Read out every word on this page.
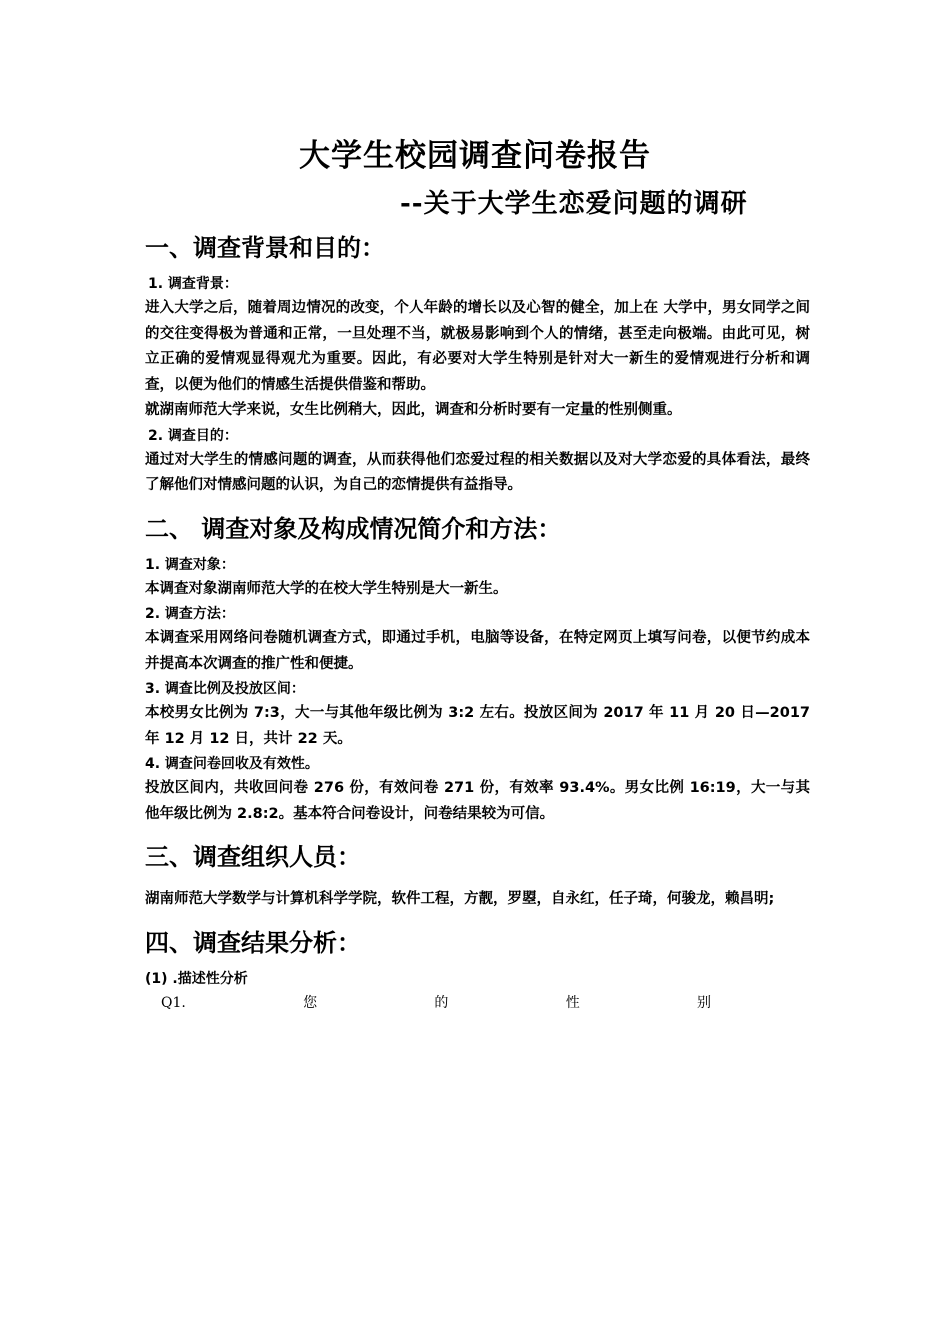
大学生校园调查问卷报告
--关于大学生恋爱问题的调研
一、调查背景和目的：
1. 调查背景：

进入大学之后，随着周边情况的改变，个人年龄的增长以及心智的健全，加上在 大学中，男女同学之间的交往变得极为普通和正常，一旦处理不当，就极易影响到个人的情绪，甚至走向极端。由此可见，树立正确的爱情观显得观尤为重要。因此，有必要对大学生特别是针对大一新生的爱情观进行分析和调查，以便为他们的情感生活提供借鉴和帮助。

就湖南师范大学来说，女生比例稍大，因此，调查和分析时要有一定量的性别侧重。

2. 调查目的：

通过对大学生的情感问题的调查，从而获得他们恋爱过程的相关数据以及对大学恋爱的具体看法，最终了解他们对情感问题的认识，为自己的恋情提供有益指导。

二、 调查对象及构成情况简介和方法：
1. 调查对象：

本调查对象湖南师范大学的在校大学生特别是大一新生。

2. 调查方法：

本调查采用网络问卷随机调查方式，即通过手机，电脑等设备，在特定网页上填写问卷，以便节约成本并提高本次调查的推广性和便捷。

3. 调查比例及投放区间：

本校男女比例为 7:3，大一与其他年级比例为 3:2 左右。投放区间为 2017 年 11 月 20 日—2017 年 12 月 12 日，共计 22 天。

4. 调查问卷回收及有效性。

投放区间内，共收回问卷 276 份，有效问卷 271 份，有效率 93.4%。男女比例 16:19，大一与其他年级比例为 2.8:2。基本符合问卷设计，问卷结果较为可信。

三、调查组织人员：

湖南师范大学数学与计算机科学学院，软件工程，方靓，罗曌，自永红，任子琦，何骏龙，赖昌明;

四、调查结果分析：
(1) .描述性分析
Q1.	您	的	性	别
